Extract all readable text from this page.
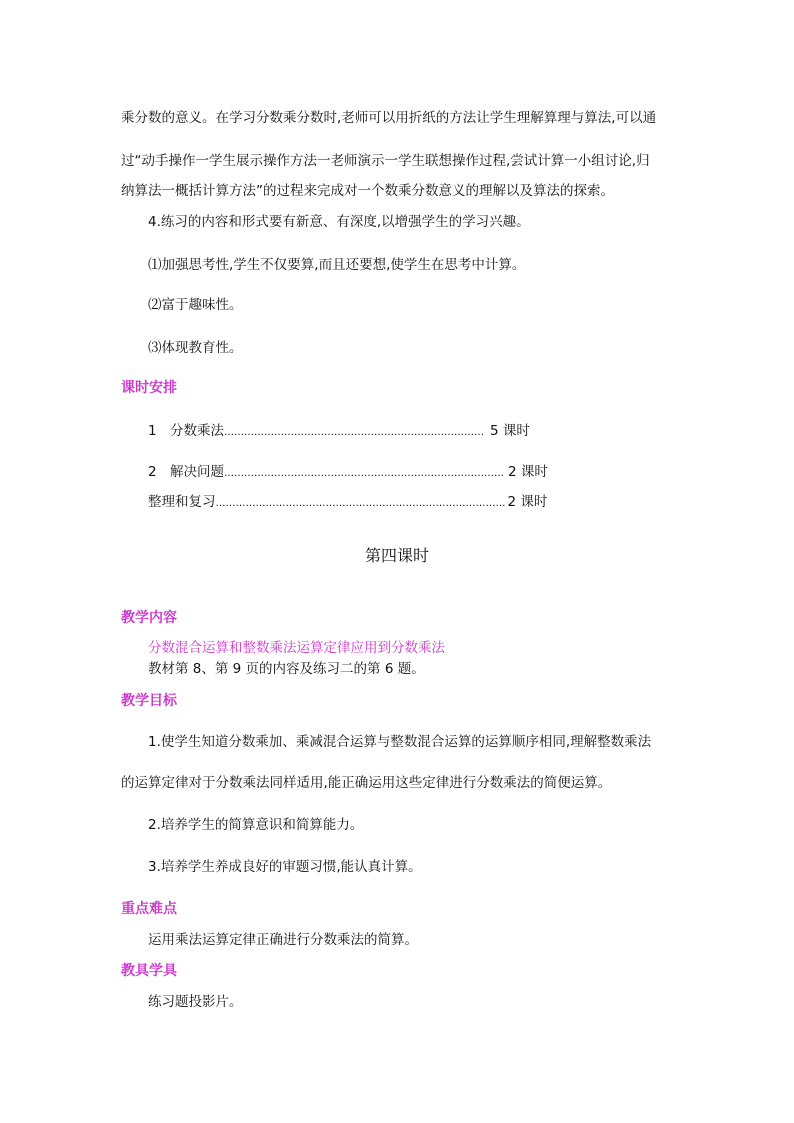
乘分数的意义。在学习分数乘分数时,老师可以用折纸的方法让学生理解算理与算法,可以通
过“动手操作一学生展示操作方法一老师演示一学生联想操作过程,尝试计算一小组讨论,归
纳算法一概括计算方法”的过程来完成对一个数乘分数意义的理解以及算法的探索。
4.练习的内容和形式要有新意、有深度,以增强学生的学习兴趣。
⑴加强思考性,学生不仅要算,而且还要想,使学生在思考中计算。
⑵富于趣味性。
⑶体现教育性。
课时安排
1 分数乘法 …………………………………………………………………… 5 课时
2 解决问题 ………………………………………………………………………… 2 课时
整理和复习 …………………………………………………………………………… 2 课时
第四课时
教学内容
分数混合运算和整数乘法运算定律应用到分数乘法
教材第 8、第 9 页的内容及练习二的第 6 题。
教学目标
1.使学生知道分数乘加、乘减混合运算与整数混合运算的运算顺序相同,理解整数乘法
的运算定律对于分数乘法同样适用,能正确运用这些定律进行分数乘法的简便运算。
2.培养学生的简算意识和简算能力。
3.培养学生养成良好的审题习惯,能认真计算。
重点难点
运用乘法运算定律正确进行分数乘法的简算。
教具学具
练习题投影片。
